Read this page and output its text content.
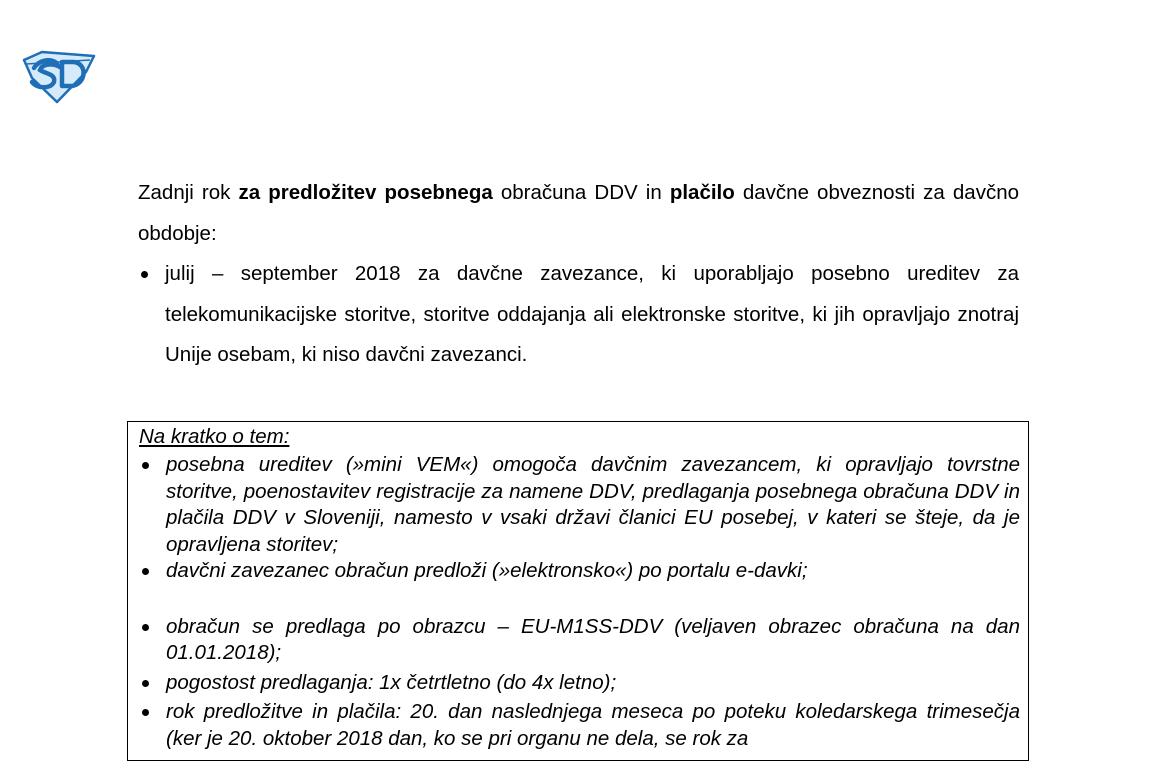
Zadnji rok za predložitev posebnega obračuna DDV in plačilo davčne obveznosti za davčno obdobje:

julij – september 2018 za davčne zavezance, ki uporabljajo posebno ureditev za telekomunikacijske storitve, storitve oddajanja ali elektronske storitve, ki jih opravljajo znotraj Unije osebam, ki niso davčni zavezanci.
Na kratko o tem:
posebna ureditev (»mini VEM«) omogoča davčnim zavezancem, ki opravljajo tovrstne storitve, poenostavitev registracije za namene DDV, predlaganja posebnega obračuna DDV in plačila DDV v Sloveniji, namesto v vsaki državi članici EU posebej, v kateri se šteje, da je opravljena storitev;
davčni zavezanec obračun predloži (»elektronsko«) po portalu e-davki;
obračun se predlaga po obrazcu – EU-M1SS-DDV (veljaven obrazec obračuna na dan 01.01.2018);
pogostost predlaganja: 1x četrtletno (do 4x letno);
rok predložitve in plačila: 20. dan naslednjega meseca po poteku koledarskega trimesečja (ker je 20. oktober 2018 dan, ko se pri organu ne dela, se rok za
